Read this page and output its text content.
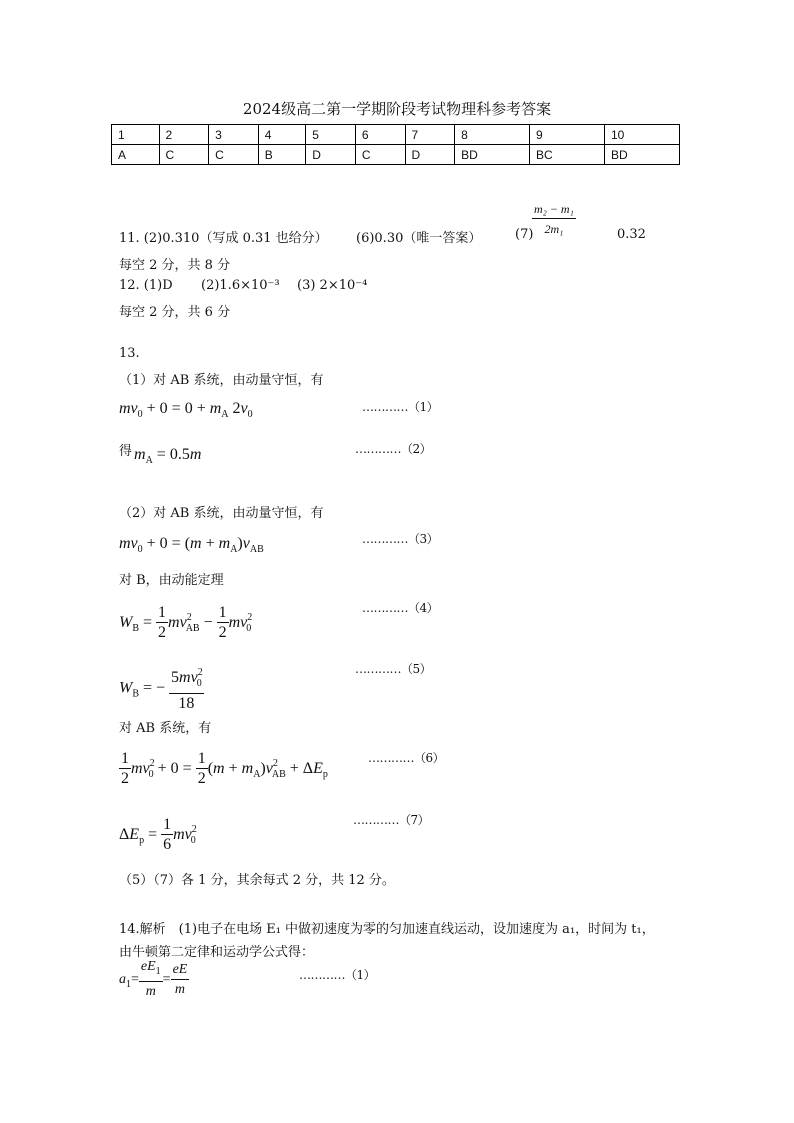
2024级高二第一学期阶段考试物理科参考答案
1	2	3	4	5	6	7	8	9	10
A	C	C	B	D	C	D	BD	BC	BD
11. (2)0.310（写成 0.31 也给分） (6)0.30（唯一答案）	(7)
$\frac{\text{m₂ − m₁}}{\text{2m₁}}$	0.32
每空 2 分，共 8 分
12. (1)D (2)1.6×10⁻³ (3) 2×10⁻⁴
每空 2 分，共 6 分
13.
（1）对 AB 系统，由动量守恒，有
$mv_0 + 0 = 0 + m_A$ $2v_0$
…………（1）
得 $m_A = 0.5m$	…………（2）
（2）对 AB 系统，由动量守恒，有
$mv_0 + 0 = (m + m_A)v_{AB}$
…………（3）
对 B，由动能定理
$W_B = \frac{1}{2} mv^2_{AB} - \frac{1}{2} mv^2_0$
…………（4）
$W_B$ = − $\frac{5mv^2_0}{18}$	…………（5）
对 AB 系统，有
$\frac{1}{2} mv^2_0 + 0 = \frac{1}{2} (m + m_A)v^2_{AB} + \Delta E_p$
…………（6）
$\Delta E_p = \frac{1}{6} mv^2_0$
…………（7）
（5）（7）各 1 分，其余每式 2 分，共 12 分。
14.解析　(1)电子在电场 E₁ 中做初速度为零的匀加速直线运动，设加速度为 a₁，时间为 t₁，
由牛顿第二定律和运动学公式得：
$a_1= \frac{eE_1}{m} = \frac{eE}{m}$	…………（1）
